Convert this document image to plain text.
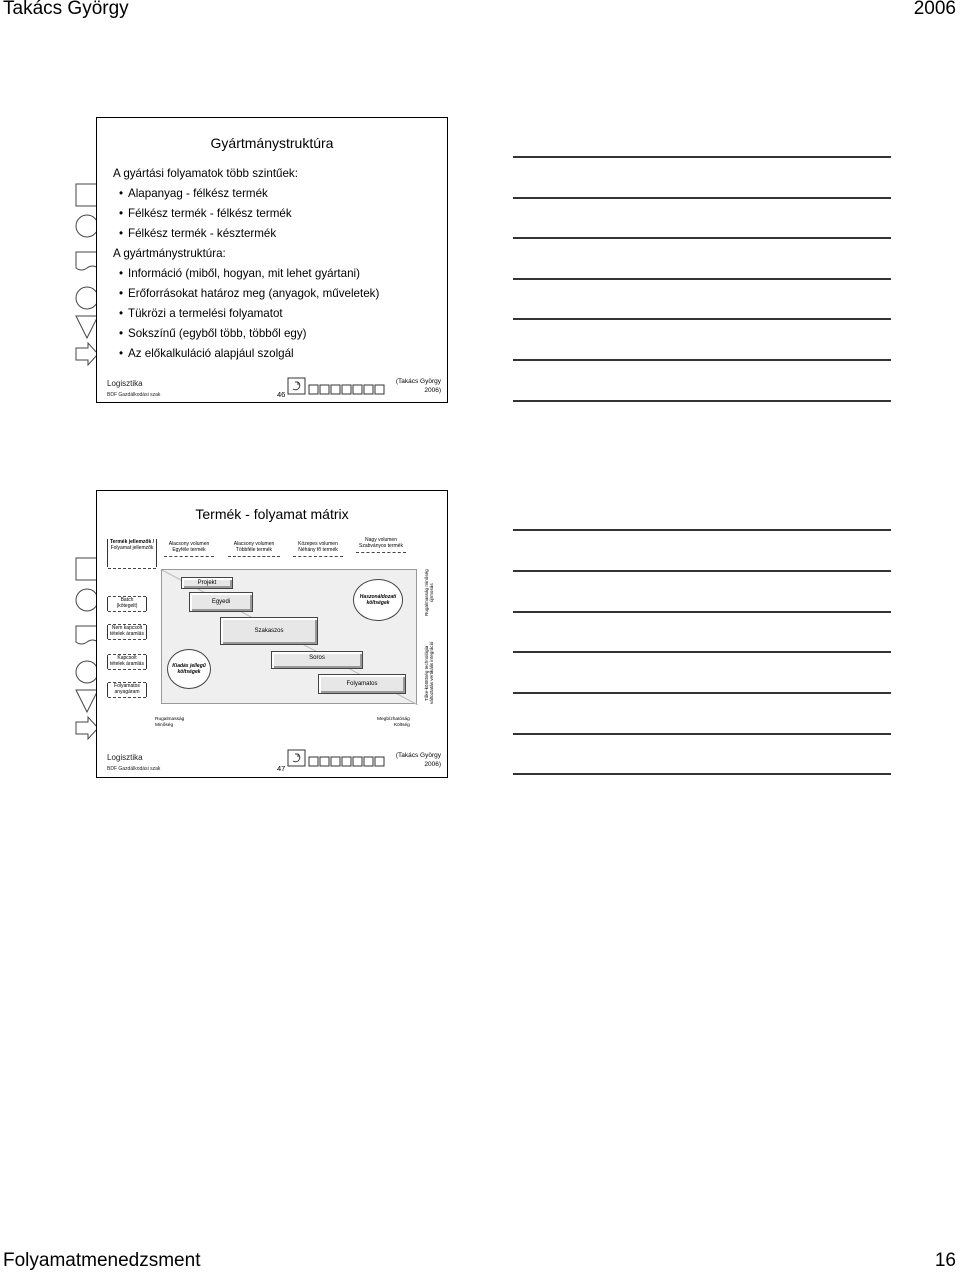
Takács György	2006
Gyártmánystruktúra
A gyártási folyamatok több szintűek:
• Alapanyag - félkész termék
• Félkész termék - félkész termék
• Félkész termék - késztermék
A gyártmánystruktúra:
• Információ (miből, hogyan, mit lehet gyártani)
• Erőforrásokat határoz meg (anyagok, műveletek)
• Tükrözi a termelési folyamatot
• Sokszínű (egyből több, többől egy)
• Az előkalkuláció alapjául szolgál
Logisztika
BDF Gazdálkodási szak	46
(Takács György
2006)
Termék - folyamat mátrix
Termék jellemzők /
Folyamat jellemzők
Alacsony volumen
Egyféle termék
Alacsony volumen
Többféle termék
Közepes volumen
Néhány fő termék
Nagy volumen
Szabványos termék
Batch
(kötegelt)
Nem kapcsolt
tételek áramlás
Kapcsolt
tételek áramlás
Folyamatos
anyagáram
Projekt
Egyedi
Szakaszos
Soros
Folyamatos
Haszonáldozati költségek
Kiadás jellegű költségek
Rugalmasság minőség újrmosás
Tőke-kötöttség technológia változtatás vertikális integráció
Rugalmasság
Minőség
Megbízhatóság
Költség
Logisztika
BDF Gazdálkodási szak	47
(Takács György
2006)
Folyamatmenedzsment	16
